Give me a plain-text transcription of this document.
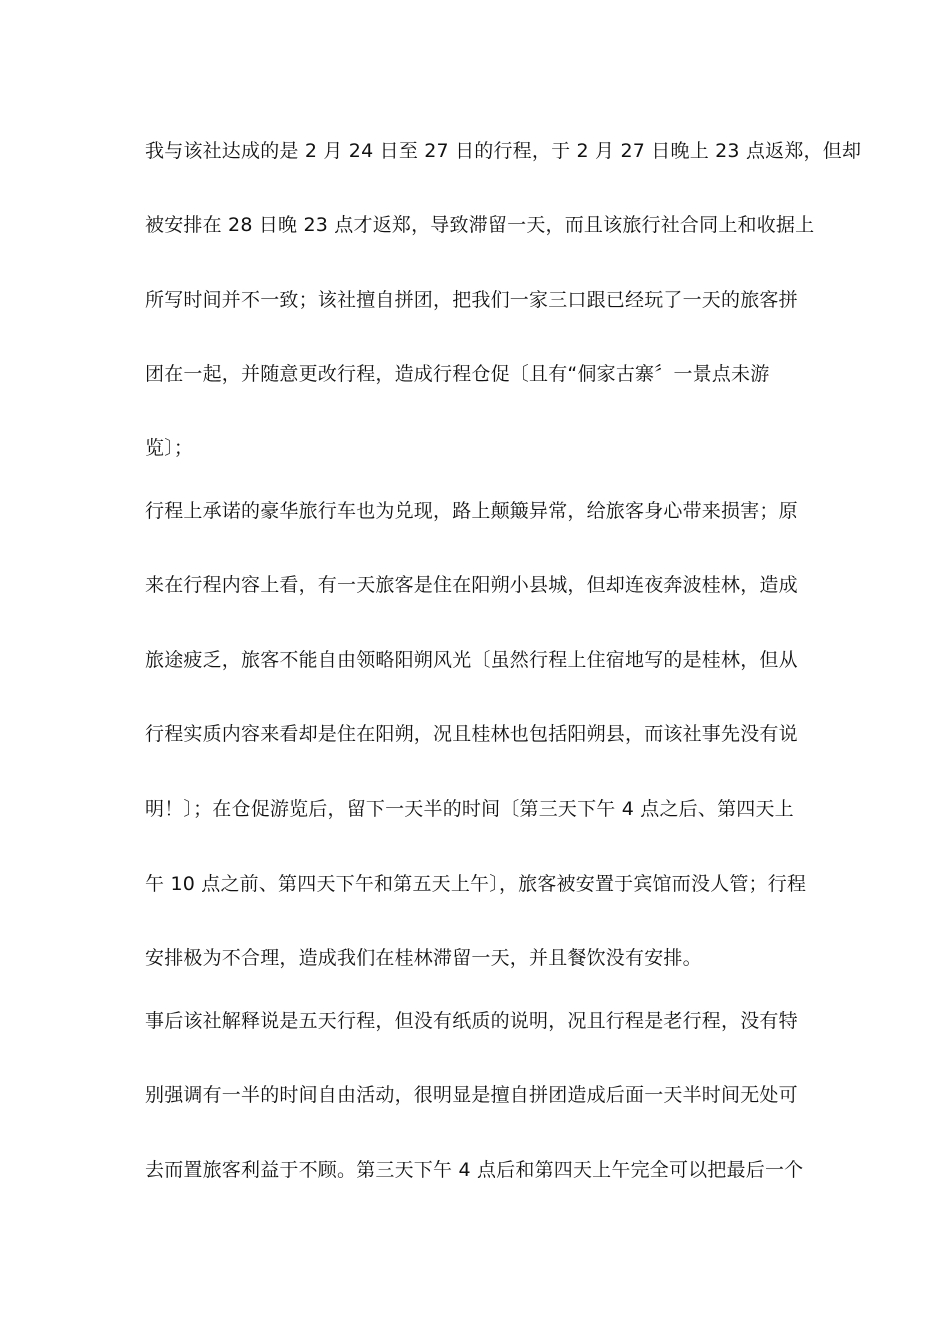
我与该社达成的是 2 月 24 日至 27 日的行程，于 2 月 27 日晚上 23 点返郑，但却
被安排在 28 日晚 23 点才返郑，导致滞留一天，而且该旅行社合同上和收据上
所写时间并不一致；该社擅自拼团，把我们一家三口跟已经玩了一天的旅客拼
团在一起，并随意更改行程，造成行程仓促〔且有“侗家古寨〞一景点未游
览〕；
行程上承诺的豪华旅行车也为兑现，路上颠簸异常，给旅客身心带来损害；原
来在行程内容上看，有一天旅客是住在阳朔小县城，但却连夜奔波桂林，造成
旅途疲乏，旅客不能自由领略阳朔风光〔虽然行程上住宿地写的是桂林，但从
行程实质内容来看却是住在阳朔，况且桂林也包括阳朔县，而该社事先没有说
明！〕；在仓促游览后，留下一天半的时间〔第三天下午 4 点之后、第四天上
午 10 点之前、第四天下午和第五天上午〕，旅客被安置于宾馆而没人管；行程
安排极为不合理，造成我们在桂林滞留一天，并且餐饮没有安排。
事后该社解释说是五天行程，但没有纸质的说明，况且行程是老行程，没有特
别强调有一半的时间自由活动，很明显是擅自拼团造成后面一天半时间无处可
去而置旅客利益于不顾。第三天下午 4 点后和第四天上午完全可以把最后一个
